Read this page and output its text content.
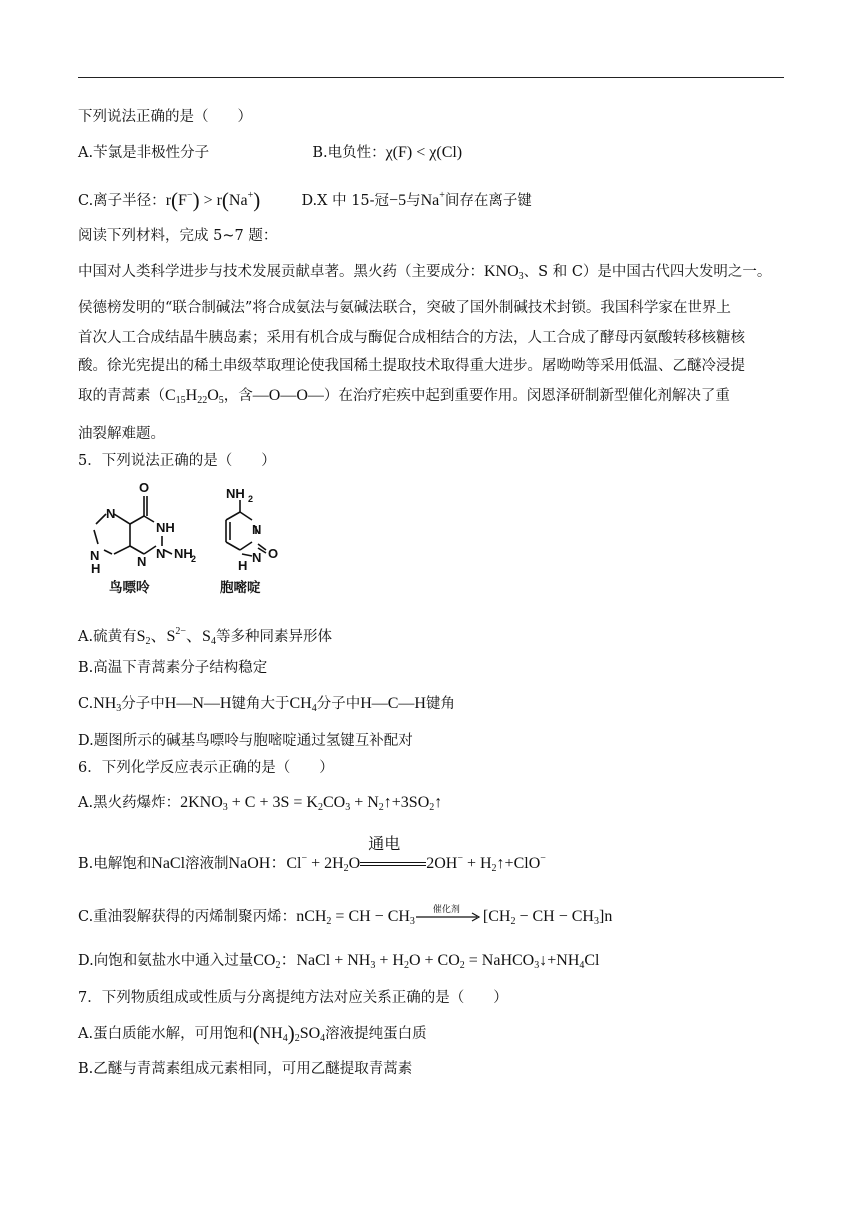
下列说法正确的是（　　）
A.苄氯是非极性分子	B.电负性：χ(F) < χ(Cl)
C.离子半径：r(F−) > r(Na+)	D.X 中 15-冠−5与Na+间存在离子键
阅读下列材料，完成 5~7 题：
中国对人类科学进步与技术发展贡献卓著。黑火药（主要成分：$KNO_3$、S 和 C）是中国古代四大发明之一。
侯德榜发明的“联合制碱法”将合成氨法与氨碱法联合，突破了国外制碱技术封锁。我国科学家在世界上
首次人工合成结晶牛胰岛素；采用有机合成与酶促合成相结合的方法，人工合成了酵母丙氨酸转移核糖核
酸。徐光宪提出的稀土串级萃取理论使我国稀土提取技术取得重大进步。屠呦呦等采用低温、乙醚冷浸提
取的青蒿素（$C_{15}H_{22}O_5$，含—O—O—）在治疗疟疾中起到重要作用。闵恩泽研制新型催化剂解决了重
油裂解难题。
5．下列说法正确的是（　　）
O
NH
N NH
2
N
N
N
H
鸟嘌呤
NH 2
N
N
H
O
胞嘧啶
A.硫黄有$S_2$、$S^{2-}$、$S_4$等多种同素异形体
B.高温下青蒿素分子结构稳定
$C.NH_3$分子中H—N—H键角大于$CH_4$分子中H—C—H键角
D.题图所示的碱基鸟嘌呤与胞嘧啶通过氢键互补配对
6．下列化学反应表示正确的是（　　）
A.黑火药爆炸：$2KNO_3 + C + 3S = K_2CO_3$ + $N_2↑+3SO_2↑$
B.电解饱和NaCl溶液制NaOH：$Cl^- + 2H_2O$
通电
$2OH^- + H_2↑+ClO^-$
C.重油裂解获得的丙烯制聚丙烯：nCH$_2$ = CH − $CH_3$
催化剂 [$CH_2$ − CH − $CH_3]n$
D.向饱和氨盐水中通入过量$CO_2$：NaCl + $NH_3 + H_2O + CO_2$ = $NaHCO_3↓+NH_4Cl$
7．下列物质组成或性质与分离提纯方法对应关系正确的是（　　）
A.蛋白质能水解，可用饱和$(NH_4)_2SO_4$溶液提纯蛋白质
B.乙醚与青蒿素组成元素相同，可用乙醚提取青蒿素
